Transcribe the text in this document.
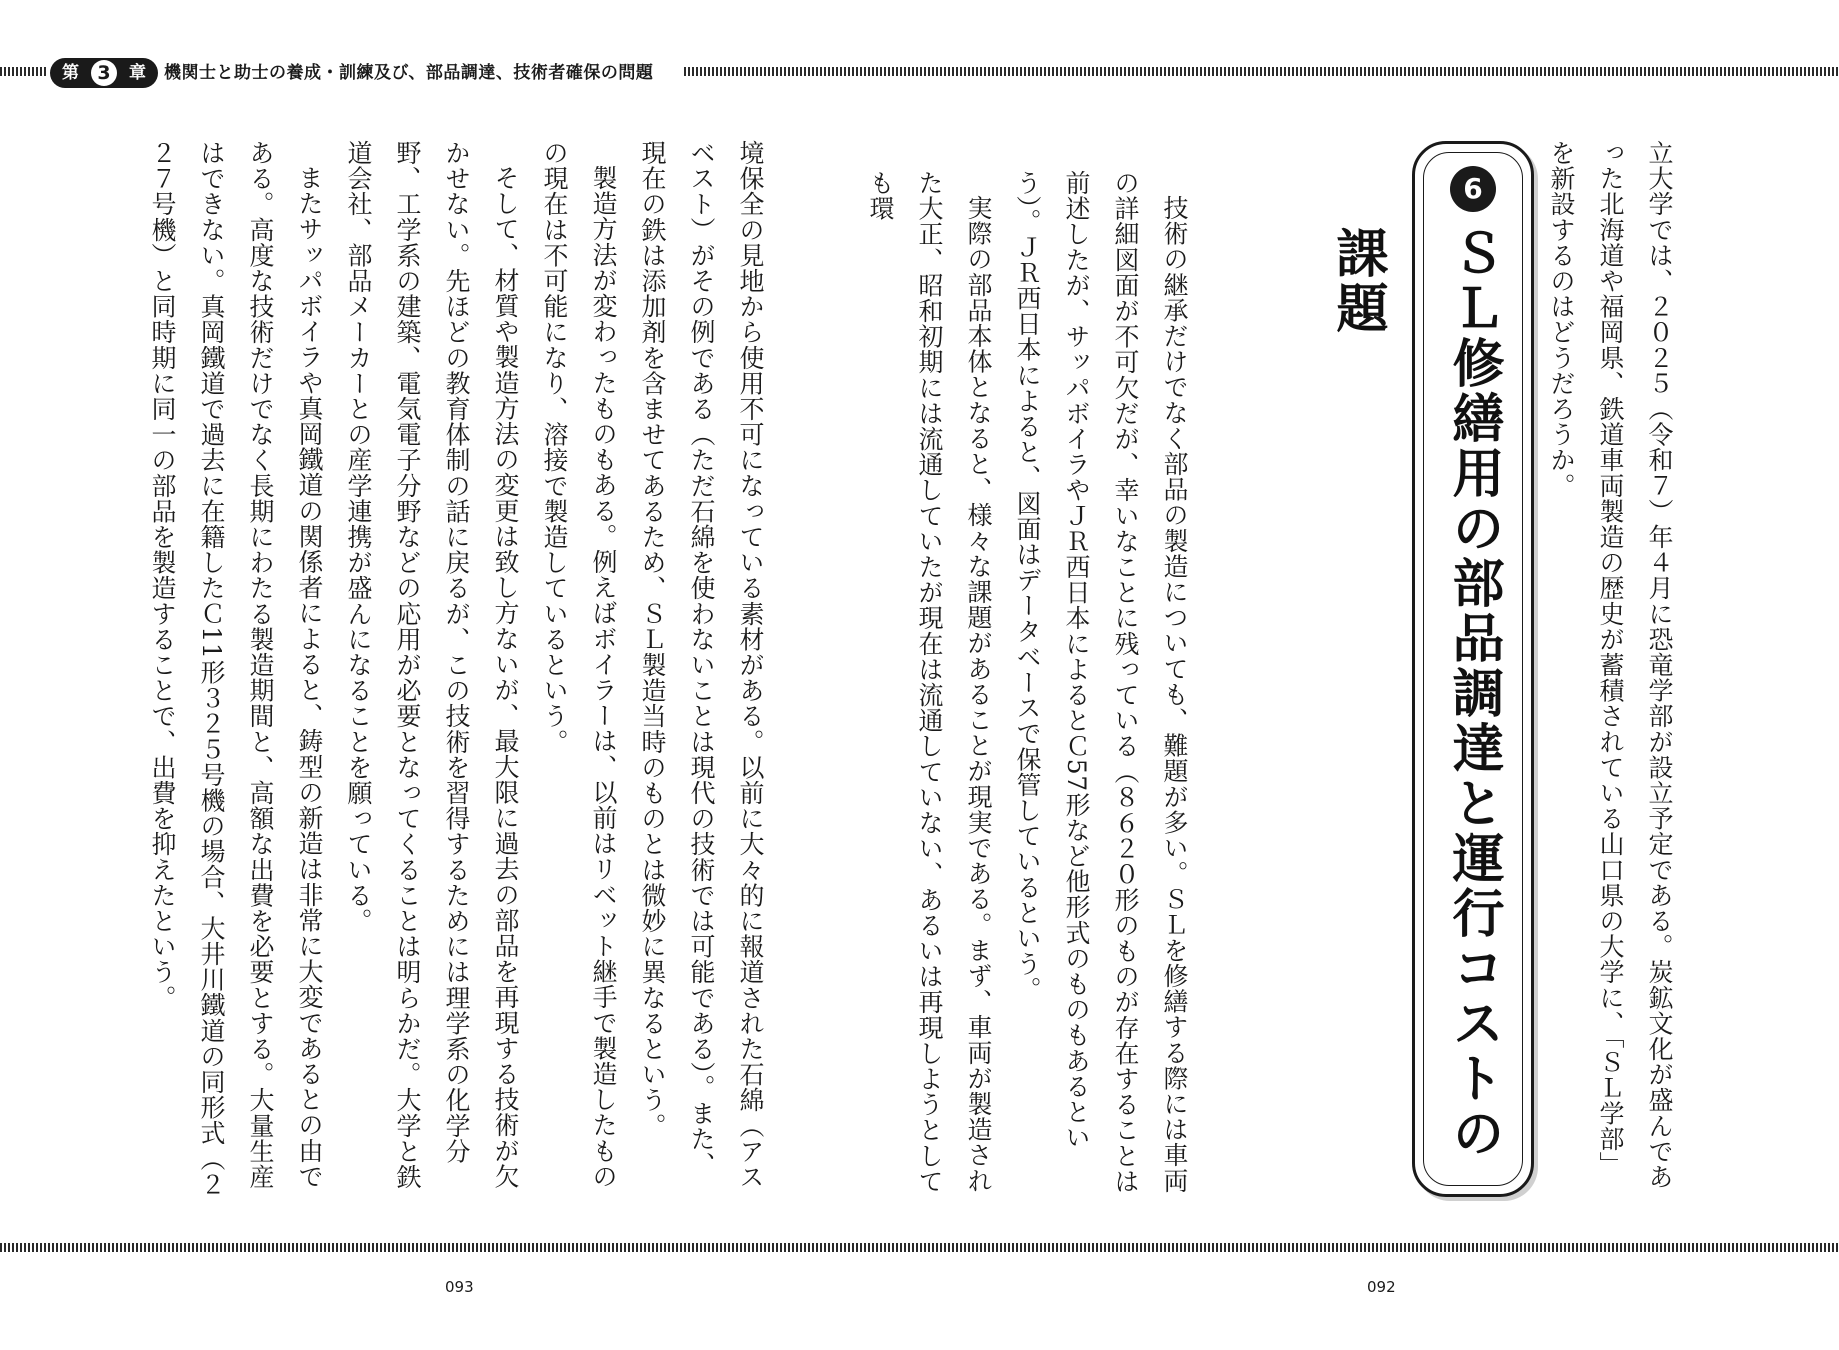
第 3	章 機関士と助士の養成・訓練及び、部品調達、技術者確保の問題

立大学では、２０２５（令和７）年４月に恐竜学部が設立予定である。炭鉱文化が盛んであった北海道や福岡県、鉄道車両製造の歴史が蓄積されている山口県の大学に、「ＳＬ学部」を新設するのはどうだろうか。

6
ＳＬ修繕用の部品調達と運行コストの課題

技術の継承だけでなく部品の製造についても、難題が多い。ＳＬを修繕する際には車両の詳細図面が不可欠だが、幸いなことに残っている（８６２０形のものが存在することは前述したが、サッパボイラやＪＲ西日本によるとＣ57形など他形式のものもあるという）。ＪＲ西日本によると、図面はデータベースで保管しているという。

実際の部品本体となると、様々な課題があることが現実である。まず、車両が製造された大正、昭和初期には流通していたが現在は流通していない、あるいは再現しようとしても環

境保全の見地から使用不可になっている素材がある。以前に大々的に報道された石綿（アスベスト）がその例である（ただ石綿を使わないことは現代の技術では可能である）。また、現在の鉄は添加剤を含ませてあるため、ＳＬ製造当時のものとは微妙に異なるという。

製造方法が変わったものもある。例えばボイラーは、以前はリベット継手で製造したものの現在は不可能になり、溶接で製造しているという。

そして、材質や製造方法の変更は致し方ないが、最大限に過去の部品を再現する技術が欠かせない。先ほどの教育体制の話に戻るが、この技術を習得するためには理学系の化学分野、工学系の建築、電気電子分野などの応用が必要となってくることは明らかだ。大学と鉄道会社、部品メーカーとの産学連携が盛んになることを願っている。

またサッパボイラや真岡鐵道の関係者によると、鋳型の新造は非常に大変であるとの由である。高度な技術だけでなく長期にわたる製造期間と、高額な出費を必要とする。大量生産はできない。真岡鐵道で過去に在籍したＣ11形３２５号機の場合、大井川鐵道の同形式（２２７号機）と同時期に同一の部品を製造することで、出費を抑えたという。

093	092
